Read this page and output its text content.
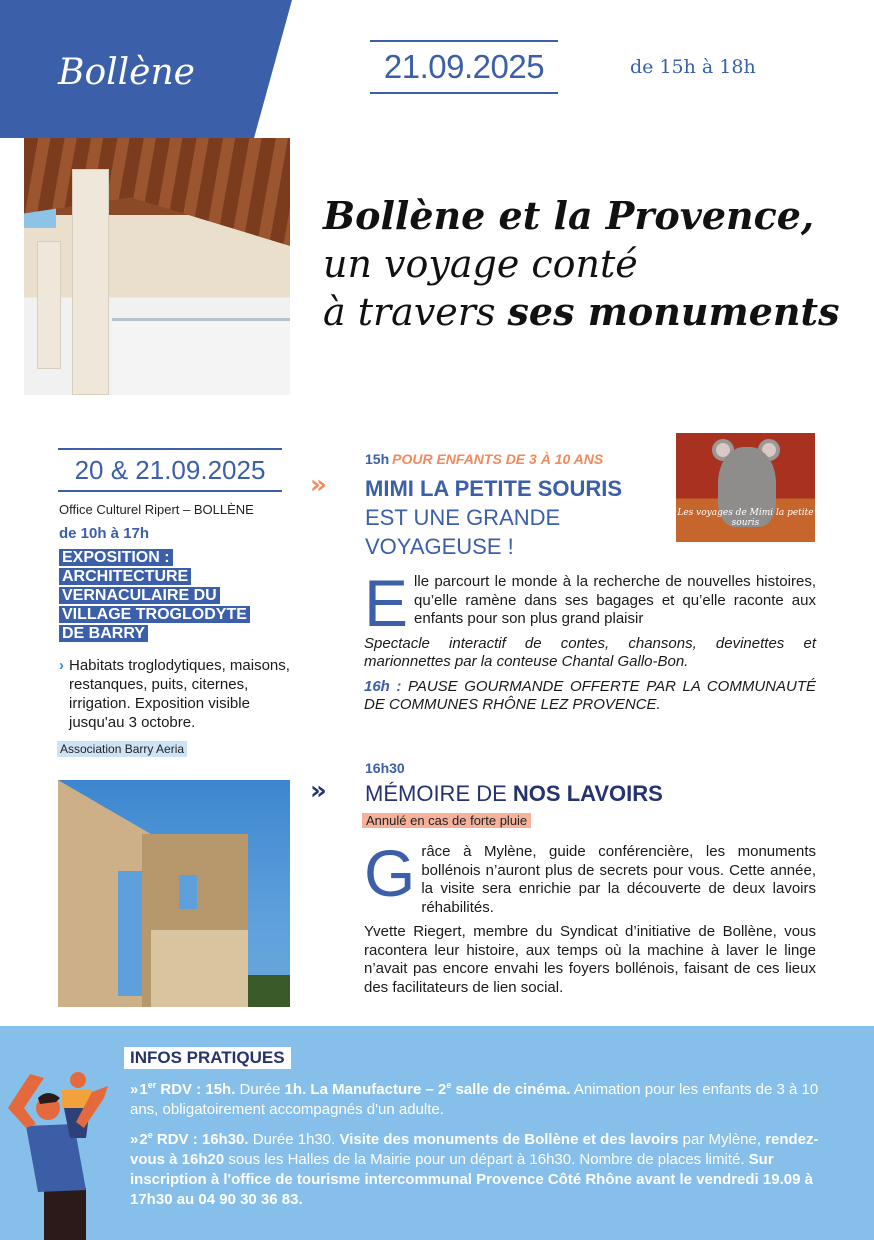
Bollène	21.09.2025	de 15h à 18h
Bollène et la Provence,
un voyage conté
à travers ses monuments
20 & 21.09.2025
Office Culturel Ripert – BOLLÈNE
de 10h à 17h
EXPOSITION : ARCHITECTURE VERNACULAIRE DU VILLAGE TROGLODYTE DE BARRY
› Habitats troglodytiques, maisons, restanques, puits, citernes, irrigation. Exposition visible jusqu'au 3 octobre.
Association Barry Aeria
»
15h POUR ENFANTS DE 3 À 10 ANS
MIMI LA PETITE SOURIS
EST UNE GRANDE VOYAGEUSE !
Les voyages de Mimi la petite souris

Elle parcourt le monde à la recherche de nouvelles histoires, qu’elle ramène dans ses bagages et qu’elle raconte aux enfants pour son plus grand plaisir

Spectacle interactif de contes, chansons, devinettes et marionnettes par la conteuse Chantal Gallo-Bon.

16h : PAUSE GOURMANDE OFFERTE PAR LA COMMUNAUTÉ DE COMMUNES RHÔNE LEZ PROVENCE.

»
16h30
MÉMOIRE DE NOS LAVOIRS
Annulé en cas de forte pluie

Grâce à Mylène, guide conférencière, les monuments bollénois n’auront plus de secrets pour vous. Cette année, la visite sera enrichie par la découverte de deux lavoirs réhabilités.

Yvette Riegert, membre du Syndicat d’initiative de Bollène, vous racontera leur histoire, aux temps où la machine à laver le linge n’avait pas encore envahi les foyers bollénois, faisant de ces lieux des facilitateurs de lien social.

INFOS PRATIQUES

» 1er RDV : 15h. Durée 1h. La Manufacture – 2e salle de cinéma. Animation pour les enfants de 3 à 10 ans, obligatoirement accompagnés d'un adulte.

» 2e RDV : 16h30. Durée 1h30. Visite des monuments de Bollène et des lavoirs par Mylène, rendez-vous à 16h20 sous les Halles de la Mairie pour un départ à 16h30. Nombre de places limité. Sur inscription à l'office de tourisme intercommunal Provence Côté Rhône avant le vendredi 19.09 à 17h30 au 04 90 30 36 83.
